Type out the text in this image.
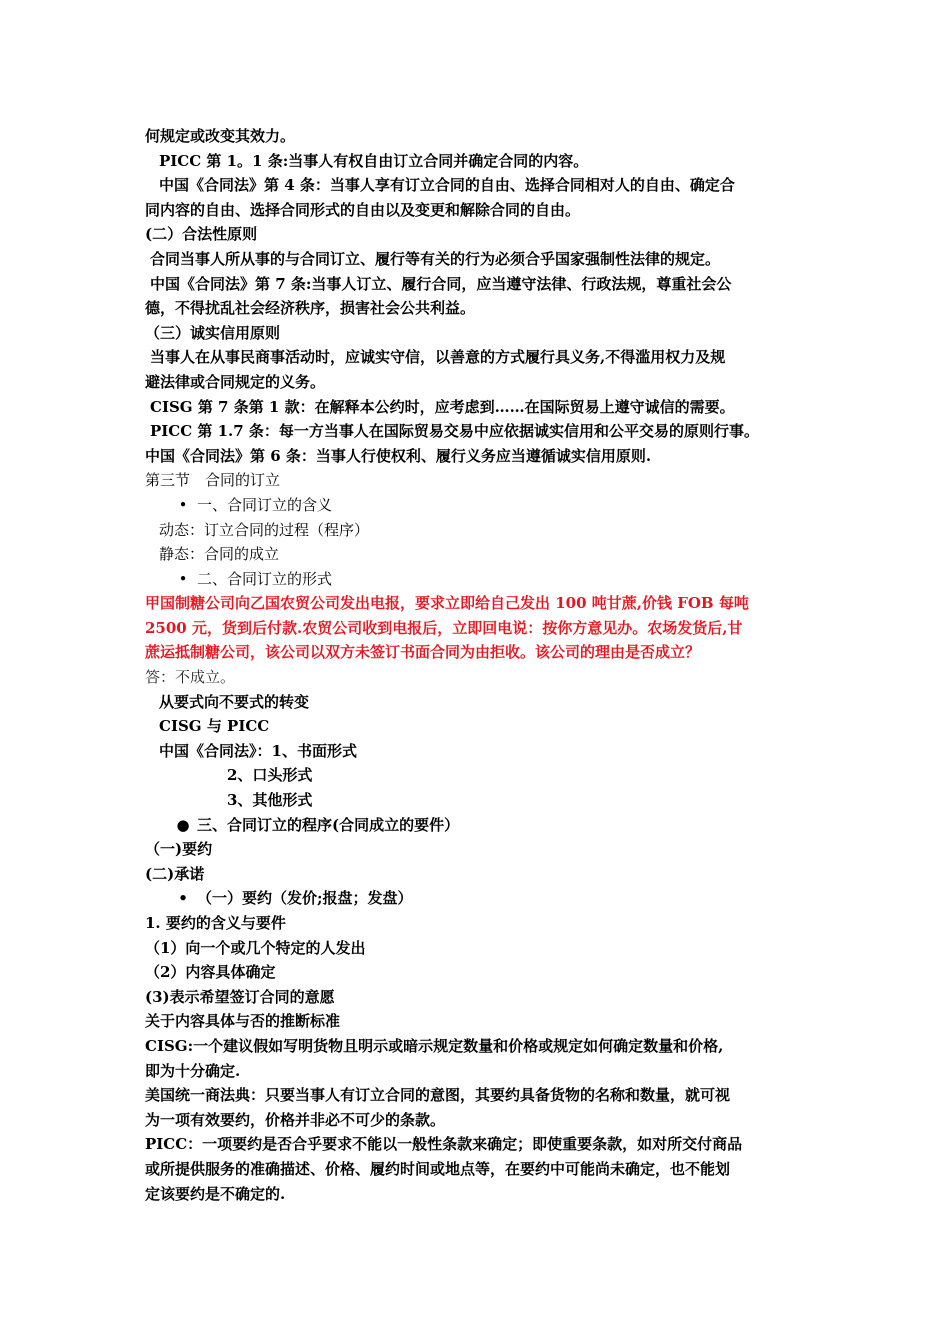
何规定或改变其效力。
PICC 第 1。1 条:当事人有权自由订立合同并确定合同的内容。
中国《合同法》第 4 条：当事人享有订立合同的自由、选择合同相对人的自由、确定合
同内容的自由、选择合同形式的自由以及变更和解除合同的自由。
(二）合法性原则
合同当事人所从事的与合同订立、履行等有关的行为必须合乎国家强制性法律的规定。
中国《合同法》第 7 条:当事人订立、履行合同，应当遵守法律、行政法规，尊重社会公
德，不得扰乱社会经济秩序，损害社会公共利益。
（三）诚实信用原则
当事人在从事民商事活动时，应诚实守信，以善意的方式履行具义务,不得滥用权力及规
避法律或合同规定的义务。
CISG 第 7 条第 1 款：在解释本公约时，应考虑到……在国际贸易上遵守诚信的需要。
PICC 第 1.7 条：每一方当事人在国际贸易交易中应依据诚实信用和公平交易的原则行事。
中国《合同法》第 6 条：当事人行使权利、履行义务应当遵循诚实信用原则.
第三节　合同的订立
• 一、合同订立的含义
动态：订立合同的过程（程序）
静态：合同的成立
• 二、合同订立的形式
甲国制糖公司向乙国农贸公司发出电报，要求立即给自己发出 100 吨甘蔗,价钱 FOB 每吨
2500 元，货到后付款.农贸公司收到电报后，立即回电说：按你方意见办。农场发货后,甘
蔗运抵制糖公司，该公司以双方未签订书面合同为由拒收。该公司的理由是否成立？
答：不成立。
从要式向不要式的转变
CISG 与 PICC
中国《合同法》：1、书面形式
2、口头形式
3、其他形式
● 三、合同订立的程序(合同成立的要件）
（一)要约
(二)承诺
• （一）要约（发价;报盘；发盘）
1. 要约的含义与要件
（1）向一个或几个特定的人发出
（2）内容具体确定
(3)表示希望签订合同的意愿
关于内容具体与否的推断标准
CISG:一个建议假如写明货物且明示或暗示规定数量和价格或规定如何确定数量和价格,
即为十分确定.
美国统一商法典：只要当事人有订立合同的意图，其要约具备货物的名称和数量，就可视
为一项有效要约，价格并非必不可少的条款。
PICC：一项要约是否合乎要求不能以一般性条款来确定；即使重要条款，如对所交付商品
或所提供服务的准确描述、价格、履约时间或地点等，在要约中可能尚未确定，也不能划
定该要约是不确定的.
